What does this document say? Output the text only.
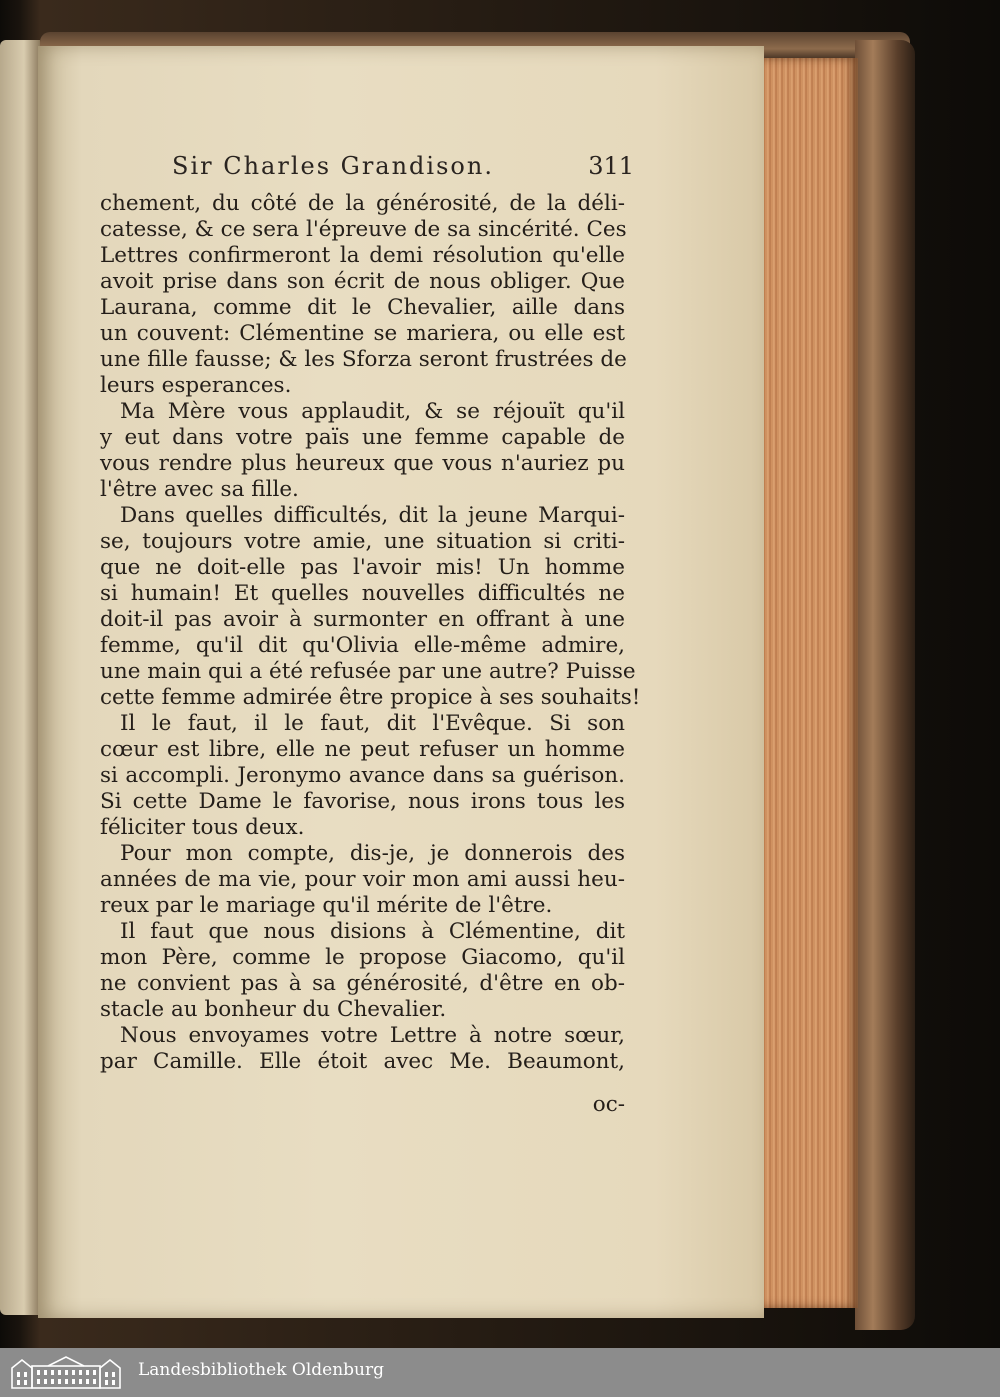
Sir Charles Grandison.	311
chement, du côté de la générosité, de la déli-
catesse, & ce sera l'épreuve de sa sincérité. Ces
Lettres confirmeront la demi résolution qu'elle
avoit prise dans son écrit de nous obliger. Que
Laurana, comme dit le Chevalier, aille dans
un couvent: Clémentine se mariera, ou elle est
une fille fausse; & les Sforza seront frustrées de
leurs esperances.
Ma Mère vous applaudit, & se réjouït qu'il
y eut dans votre païs une femme capable de
vous rendre plus heureux que vous n'auriez pu
l'être avec sa fille.
Dans quelles difficultés, dit la jeune Marqui-
se, toujours votre amie, une situation si criti-
que ne doit-elle pas l'avoir mis! Un homme
si humain! Et quelles nouvelles difficultés ne
doit-il pas avoir à surmonter en offrant à une
femme, qu'il dit qu'Olivia elle-même admire,
une main qui a été refusée par une autre? Puisse
cette femme admirée être propice à ses souhaits!
Il le faut, il le faut, dit l'Evêque. Si son
cœur est libre, elle ne peut refuser un homme
si accompli. Jeronymo avance dans sa guérison.
Si cette Dame le favorise, nous irons tous les
féliciter tous deux.
Pour mon compte, dis-je, je donnerois des
années de ma vie, pour voir mon ami aussi heu-
reux par le mariage qu'il mérite de l'être.
Il faut que nous disions à Clémentine, dit
mon Père, comme le propose Giacomo, qu'il
ne convient pas à sa générosité, d'être en ob-
stacle au bonheur du Chevalier.
Nous envoyames votre Lettre à notre sœur,
par Camille. Elle étoit avec Me. Beaumont,
oc-
Landesbibliothek Oldenburg
